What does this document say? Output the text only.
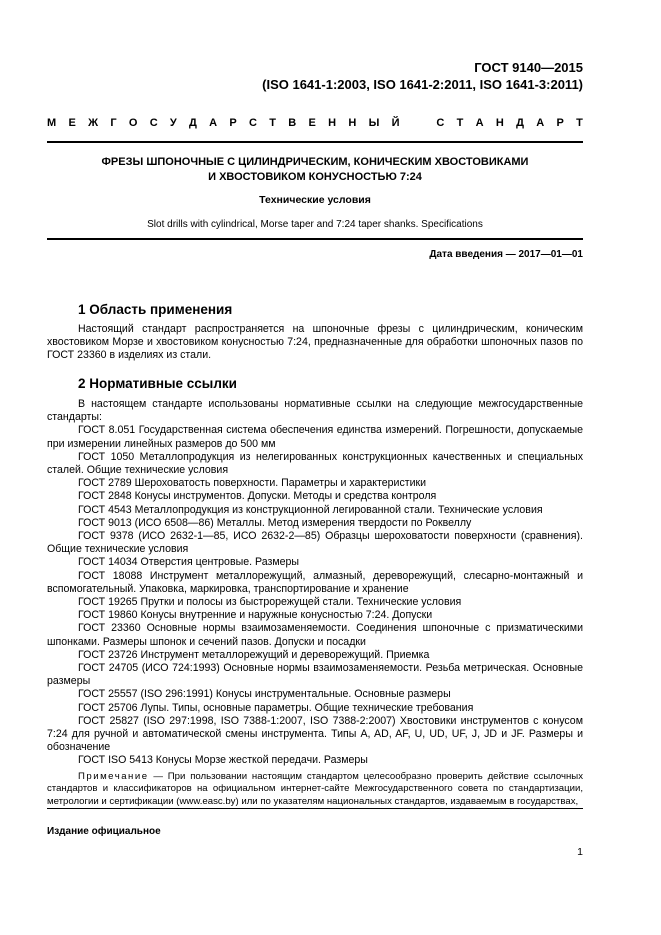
ГОСТ 9140—2015
(ISO 1641-1:2003, ISO 1641-2:2011, ISO 1641-3:2011)
М Е Ж Г О С У Д А Р С Т В Е Н Н Ы Й	С Т А Н Д А Р Т
ФРЕЗЫ ШПОНОЧНЫЕ С ЦИЛИНДРИЧЕСКИМ, КОНИЧЕСКИМ ХВОСТОВИКАМИ
И ХВОСТОВИКОМ КОНУСНОСТЬЮ 7:24
Технические условия
Slot drills with cylindrical, Morse taper and 7:24 taper shanks. Specifications
Дата введения — 2017—01—01
1 Область применения

Настоящий стандарт распространяется на шпоночные фрезы с цилиндрическим, коническим хвостовиком Морзе и хвостовиком конусностью 7:24, предназначенные для обработки шпоночных пазов по ГОСТ 23360 в изделиях из стали.

2 Нормативные ссылки

В настоящем стандарте использованы нормативные ссылки на следующие межгосударственные стандарты:

ГОСТ 8.051 Государственная система обеспечения единства измерений. Погрешности, допускаемые при измерении линейных размеров до 500 мм

ГОСТ 1050 Металлопродукция из нелегированных конструкционных качественных и специальных сталей. Общие технические условия

ГОСТ 2789 Шероховатость поверхности. Параметры и характеристики

ГОСТ 2848 Конусы инструментов. Допуски. Методы и средства контроля

ГОСТ 4543 Металлопродукция из конструкционной легированной стали. Технические условия

ГОСТ 9013 (ИСО 6508—86) Металлы. Метод измерения твердости по Роквеллу

ГОСТ 9378 (ИСО 2632-1—85, ИСО 2632-2—85) Образцы шероховатости поверхности (сравнения). Общие технические условия

ГОСТ 14034 Отверстия центровые. Размеры

ГОСТ 18088 Инструмент металлорежущий, алмазный, дереворежущий, слесарно-монтажный и вспомогательный. Упаковка, маркировка, транспортирование и хранение

ГОСТ 19265 Прутки и полосы из быстрорежущей стали. Технические условия

ГОСТ 19860 Конусы внутренние и наружные конусностью 7:24. Допуски

ГОСТ 23360 Основные нормы взаимозаменяемости. Соединения шпоночные с призматическими шпонками. Размеры шпонок и сечений пазов. Допуски и посадки

ГОСТ 23726 Инструмент металлорежущий и дереворежущий. Приемка

ГОСТ 24705 (ИСО 724:1993) Основные нормы взаимозаменяемости. Резьба метрическая. Основные размеры

ГОСТ 25557 (ISO 296:1991) Конусы инструментальные. Основные размеры

ГОСТ 25706 Лупы. Типы, основные параметры. Общие технические требования

ГОСТ 25827 (ISO 297:1998, ISO 7388-1:2007, ISO 7388-2:2007) Хвостовики инструментов с конусом 7:24 для ручной и автоматической смены инструмента. Типы A, AD, AF, U, UD, UF, J, JD и JF. Размеры и обозначение

ГОСТ ISO 5413 Конусы Морзе жесткой передачи. Размеры

Примечание — При пользовании настоящим стандартом целесообразно проверить действие ссылочных стандартов и классификаторов на официальном интернет-сайте Межгосударственного совета по стандартизации, метрологии и сертификации (www.easc.by) или по указателям национальных стандартов, издаваемым в государствах,

Издание официальное
1
